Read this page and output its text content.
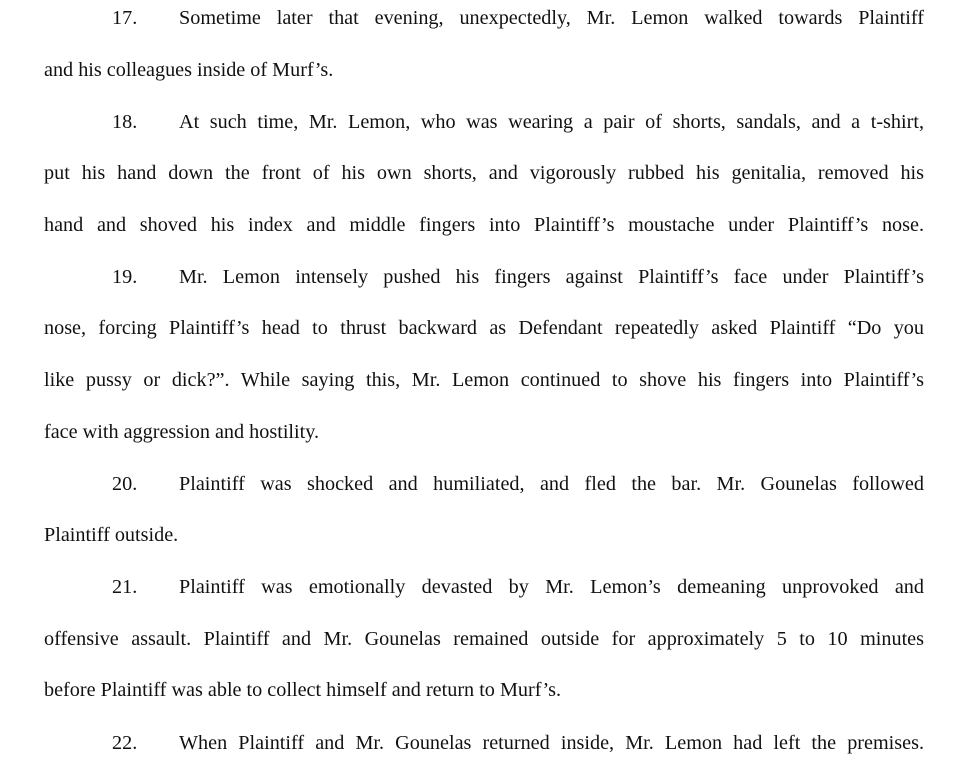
17. Sometime later that evening, unexpectedly, Mr. Lemon walked towards Plaintiff
and his colleagues inside of Murf’s.
18. At such time, Mr. Lemon, who was wearing a pair of shorts, sandals, and a t-shirt,
put his hand down the front of his own shorts, and vigorously rubbed his genitalia, removed his
hand and shoved his index and middle fingers into Plaintiff’s moustache under Plaintiff’s nose.
19. Mr. Lemon intensely pushed his fingers against Plaintiff’s face under Plaintiff’s
nose, forcing Plaintiff’s head to thrust backward as Defendant repeatedly asked Plaintiff “Do you
like pussy or dick?”. While saying this, Mr. Lemon continued to shove his fingers into Plaintiff’s
face with aggression and hostility.
20. Plaintiff was shocked and humiliated, and fled the bar. Mr. Gounelas followed
Plaintiff outside.
21. Plaintiff was emotionally devasted by Mr. Lemon’s demeaning unprovoked and
offensive assault. Plaintiff and Mr. Gounelas remained outside for approximately 5 to 10 minutes
before Plaintiff was able to collect himself and return to Murf’s.
22. When Plaintiff and Mr. Gounelas returned inside, Mr. Lemon had left the premises.
